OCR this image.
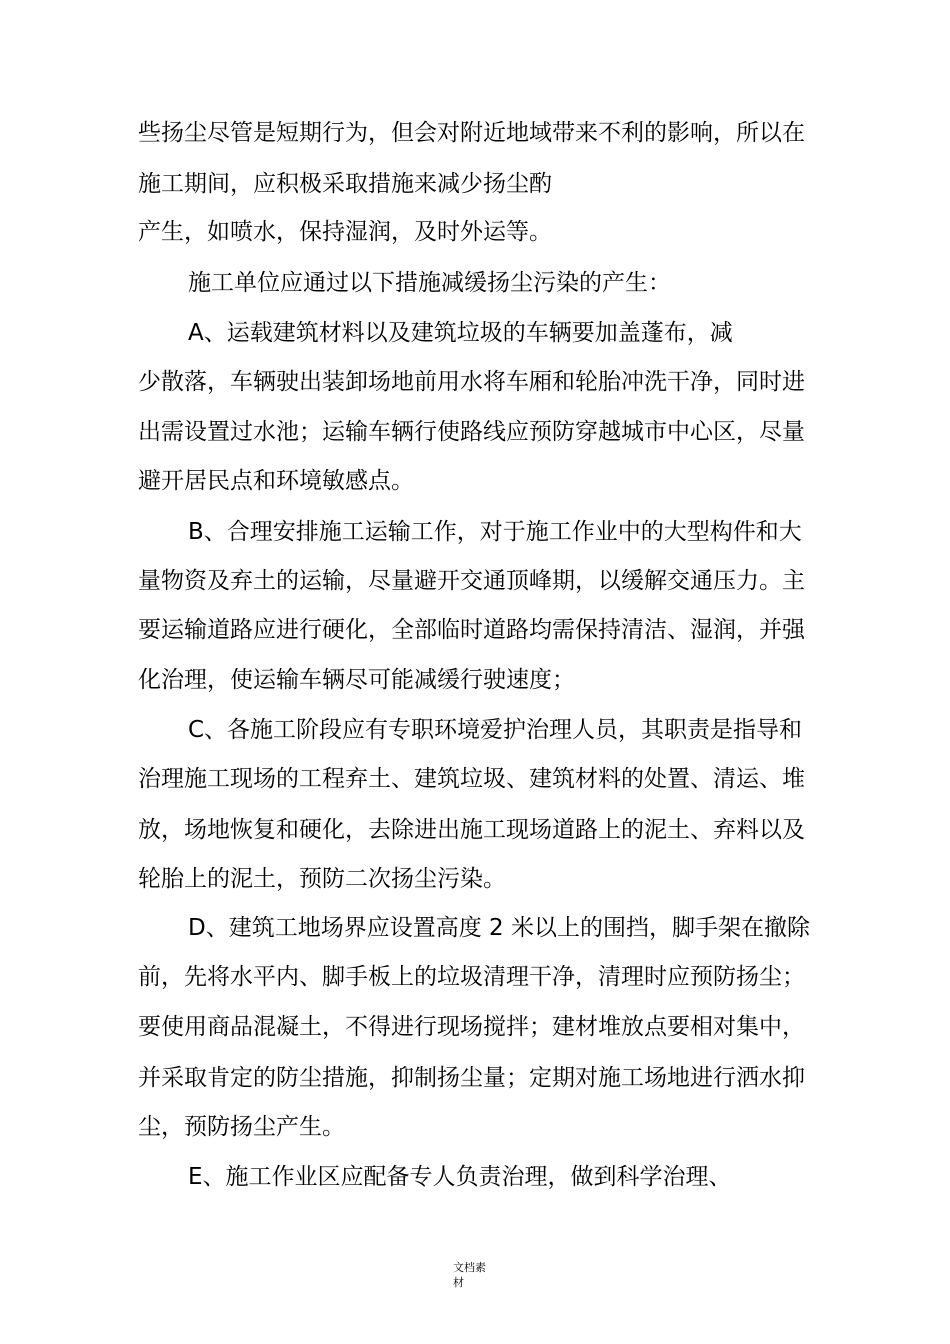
些扬尘尽管是短期行为，但会对附近地域带来不利的影响，所以在
施工期间，应积极采取措施来减少扬尘酌
产生，如喷水，保持湿润，及时外运等。
施工单位应通过以下措施减缓扬尘污染的产生：
A、运载建筑材料以及建筑垃圾的车辆要加盖蓬布，减
少散落，车辆驶出装卸场地前用水将车厢和轮胎冲洗干净，同时进
出需设置过水池；运输车辆行使路线应预防穿越城市中心区，尽量
避开居民点和环境敏感点。
B、合理安排施工运输工作，对于施工作业中的大型构件和大
量物资及弃土的运输，尽量避开交通顶峰期，以缓解交通压力。主
要运输道路应进行硬化，全部临时道路均需保持清洁、湿润，并强
化治理，使运输车辆尽可能减缓行驶速度；
C、各施工阶段应有专职环境爱护治理人员，其职责是指导和
治理施工现场的工程弃土、建筑垃圾、建筑材料的处置、清运、堆
放，场地恢复和硬化，去除进出施工现场道路上的泥土、弃料以及
轮胎上的泥土，预防二次扬尘污染。
D、建筑工地场界应设置高度 2 米以上的围挡，脚手架在撤除
前，先将水平内、脚手板上的垃圾清理干净，清理时应预防扬尘；
要使用商品混凝土，不得进行现场搅拌；建材堆放点要相对集中，
并采取肯定的防尘措施，抑制扬尘量；定期对施工场地进行洒水抑
尘，预防扬尘产生。
E、施工作业区应配备专人负责治理，做到科学治理、
文档素
材
